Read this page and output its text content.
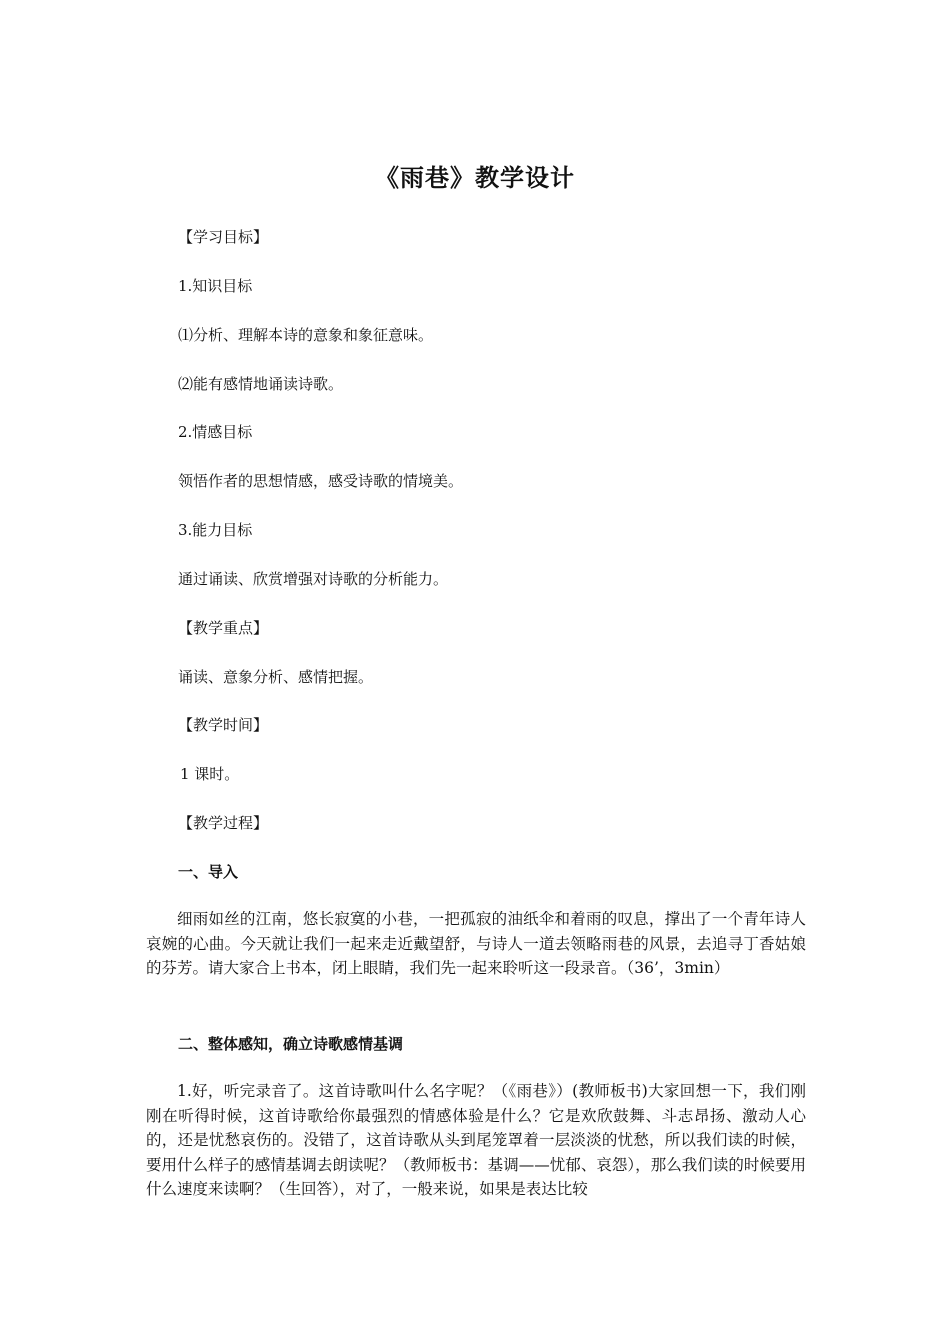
《雨巷》教学设计
【学习目标】
1.知识目标
⑴分析、理解本诗的意象和象征意味。
⑵能有感情地诵读诗歌。
2.情感目标
领悟作者的思想情感，感受诗歌的情境美。
3.能力目标
通过诵读、欣赏增强对诗歌的分析能力。
【教学重点】
诵读、意象分析、感情把握。
【教学时间】
1 课时。
【教学过程】
一、导入
细雨如丝的江南，悠长寂寞的小巷，一把孤寂的油纸伞和着雨的叹息，撑出了一个青年诗人哀婉的心曲。今天就让我们一起来走近戴望舒，与诗人一道去领略雨巷的风景，去追寻丁香姑娘的芬芳。请大家合上书本，闭上眼睛，我们先一起来聆听这一段录音。（36’，3min）
二、整体感知，确立诗歌感情基调
1.好，听完录音了。这首诗歌叫什么名字呢？（《雨巷》）(教师板书)大家回想一下，我们刚刚在听得时候，这首诗歌给你最强烈的情感体验是什么？它是欢欣鼓舞、斗志昂扬、激动人心的，还是忧愁哀伤的。没错了，这首诗歌从头到尾笼罩着一层淡淡的忧愁，所以我们读的时候，要用什么样子的感情基调去朗读呢？（教师板书：基调——忧郁、哀怨），那么我们读的时候要用什么速度来读啊？（生回答），对了，一般来说，如果是表达比较
